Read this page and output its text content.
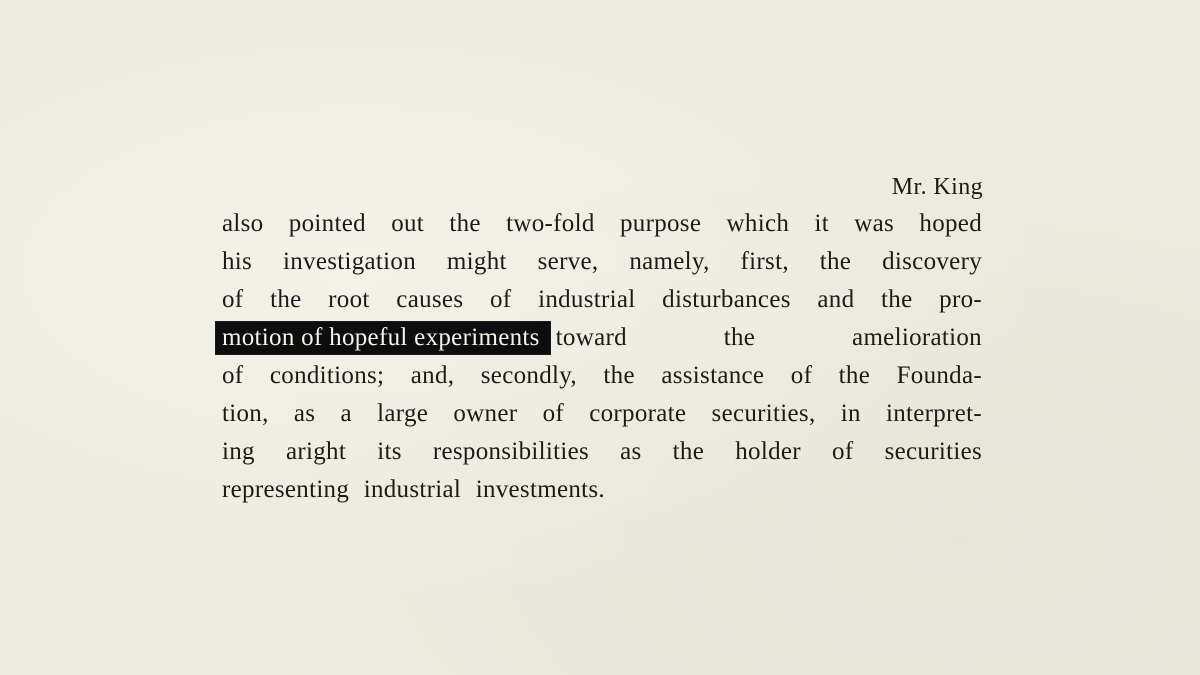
Mr. King
also pointed out the two-fold purpose which it was hoped
his investigation might serve, namely, first, the discovery
of the root causes of industrial disturbances and the pro-
motion of hopeful experiments toward the amelioration
of conditions; and, secondly, the assistance of the Founda-
tion, as a large owner of corporate securities, in interpret-
ing aright its responsibilities as the holder of securities
representing industrial investments.
